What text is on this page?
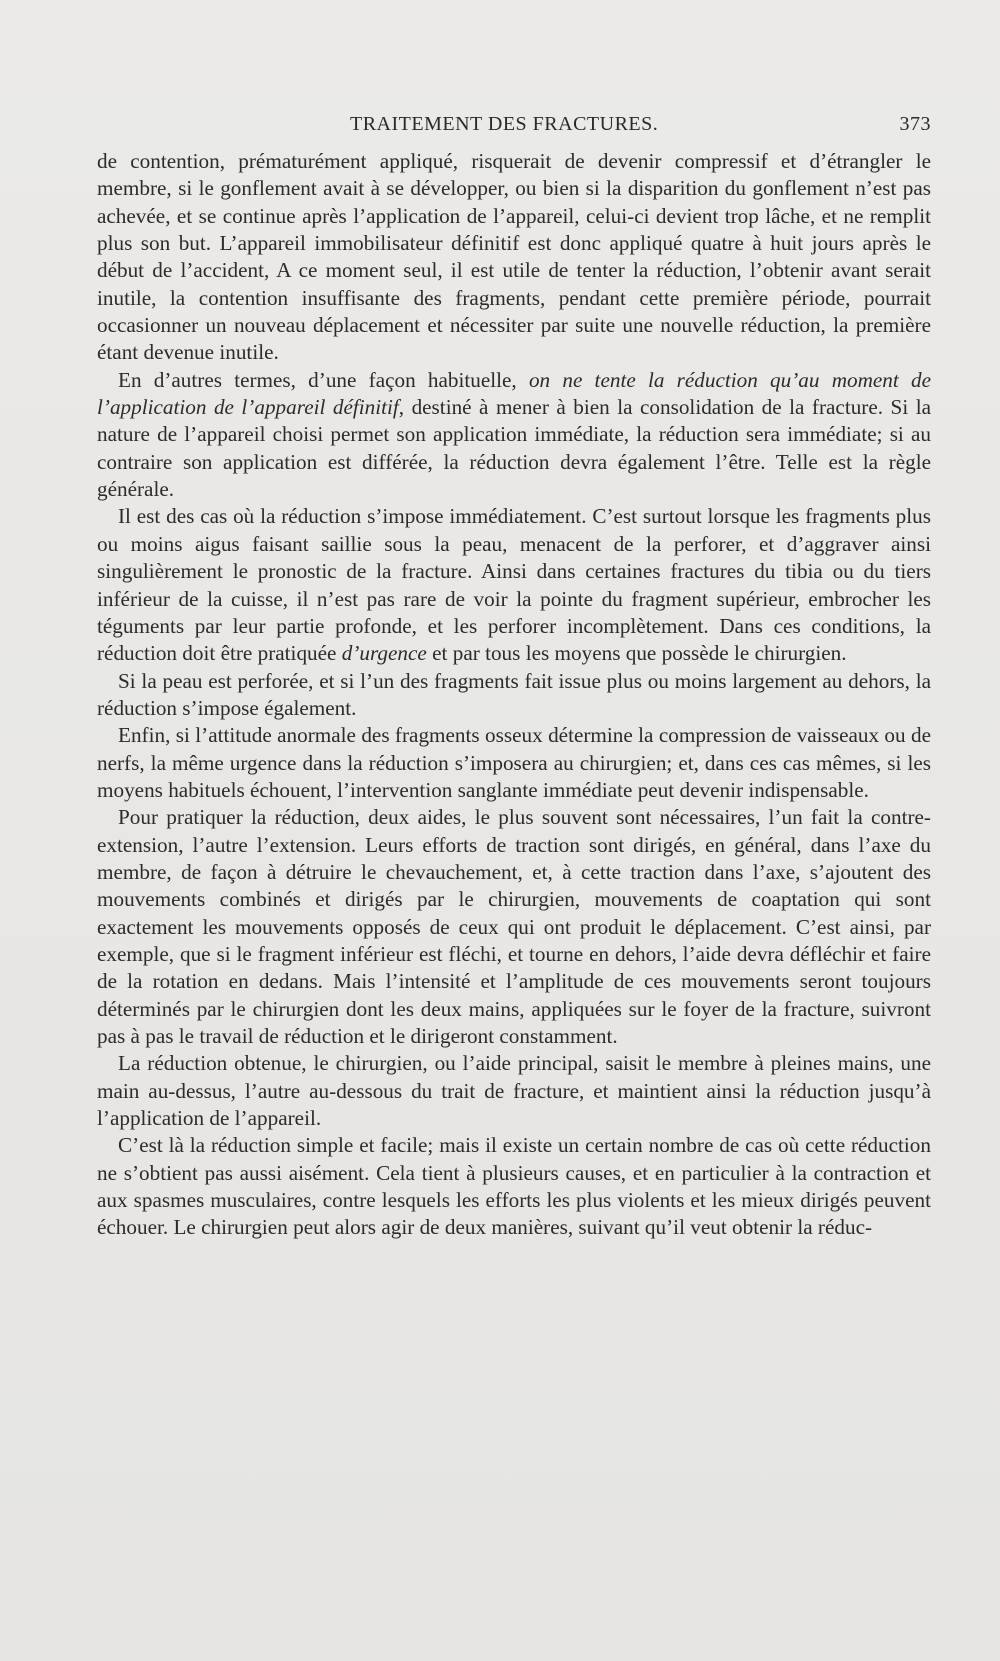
TRAITEMENT DES FRACTURES.	373

de contention, prématurément appliqué, risquerait de devenir compressif et d’étrangler le membre, si le gonflement avait à se développer, ou bien si la disparition du gonflement n’est pas achevée, et se continue après l’application de l’appareil, celui-ci devient trop lâche, et ne remplit plus son but. L’appareil immobilisateur définitif est donc appliqué quatre à huit jours après le début de l’accident, A ce moment seul, il est utile de tenter la réduction, l’obtenir avant serait inutile, la contention insuffisante des fragments, pendant cette première période, pourrait occasionner un nouveau déplacement et nécessiter par suite une nouvelle réduction, la première étant devenue inutile.

En d’autres termes, d’une façon habituelle, on ne tente la réduction qu’au moment de l’application de l’appareil définitif, destiné à mener à bien la consolidation de la fracture. Si la nature de l’appareil choisi permet son application immédiate, la réduction sera immédiate; si au contraire son application est différée, la réduction devra également l’être. Telle est la règle générale.

Il est des cas où la réduction s’impose immédiatement. C’est surtout lorsque les fragments plus ou moins aigus faisant saillie sous la peau, menacent de la perforer, et d’aggraver ainsi singulièrement le pronostic de la fracture. Ainsi dans certaines fractures du tibia ou du tiers inférieur de la cuisse, il n’est pas rare de voir la pointe du fragment supérieur, embrocher les téguments par leur partie profonde, et les perforer incomplètement. Dans ces conditions, la réduction doit être pratiquée d’urgence et par tous les moyens que possède le chirurgien.

Si la peau est perforée, et si l’un des fragments fait issue plus ou moins largement au dehors, la réduction s’impose également.

Enfin, si l’attitude anormale des fragments osseux détermine la compression de vaisseaux ou de nerfs, la même urgence dans la réduction s’imposera au chirurgien; et, dans ces cas mêmes, si les moyens habituels échouent, l’intervention sanglante immédiate peut devenir indispensable.

Pour pratiquer la réduction, deux aides, le plus souvent sont nécessaires, l’un fait la contre-extension, l’autre l’extension. Leurs efforts de traction sont dirigés, en général, dans l’axe du membre, de façon à détruire le chevauchement, et, à cette traction dans l’axe, s’ajoutent des mouvements combinés et dirigés par le chirurgien, mouvements de coaptation qui sont exactement les mouvements opposés de ceux qui ont produit le déplacement. C’est ainsi, par exemple, que si le fragment inférieur est fléchi, et tourne en dehors, l’aide devra défléchir et faire de la rotation en dedans. Mais l’intensité et l’amplitude de ces mouvements seront toujours déterminés par le chirurgien dont les deux mains, appliquées sur le foyer de la fracture, suivront pas à pas le travail de réduction et le dirigeront constamment.

La réduction obtenue, le chirurgien, ou l’aide principal, saisit le membre à pleines mains, une main au-dessus, l’autre au-dessous du trait de fracture, et maintient ainsi la réduction jusqu’à l’application de l’appareil.

C’est là la réduction simple et facile; mais il existe un certain nombre de cas où cette réduction ne s’obtient pas aussi aisément. Cela tient à plusieurs causes, et en particulier à la contraction et aux spasmes musculaires, contre lesquels les efforts les plus violents et les mieux dirigés peuvent échouer. Le chirurgien peut alors agir de deux manières, suivant qu’il veut obtenir la réduc-
